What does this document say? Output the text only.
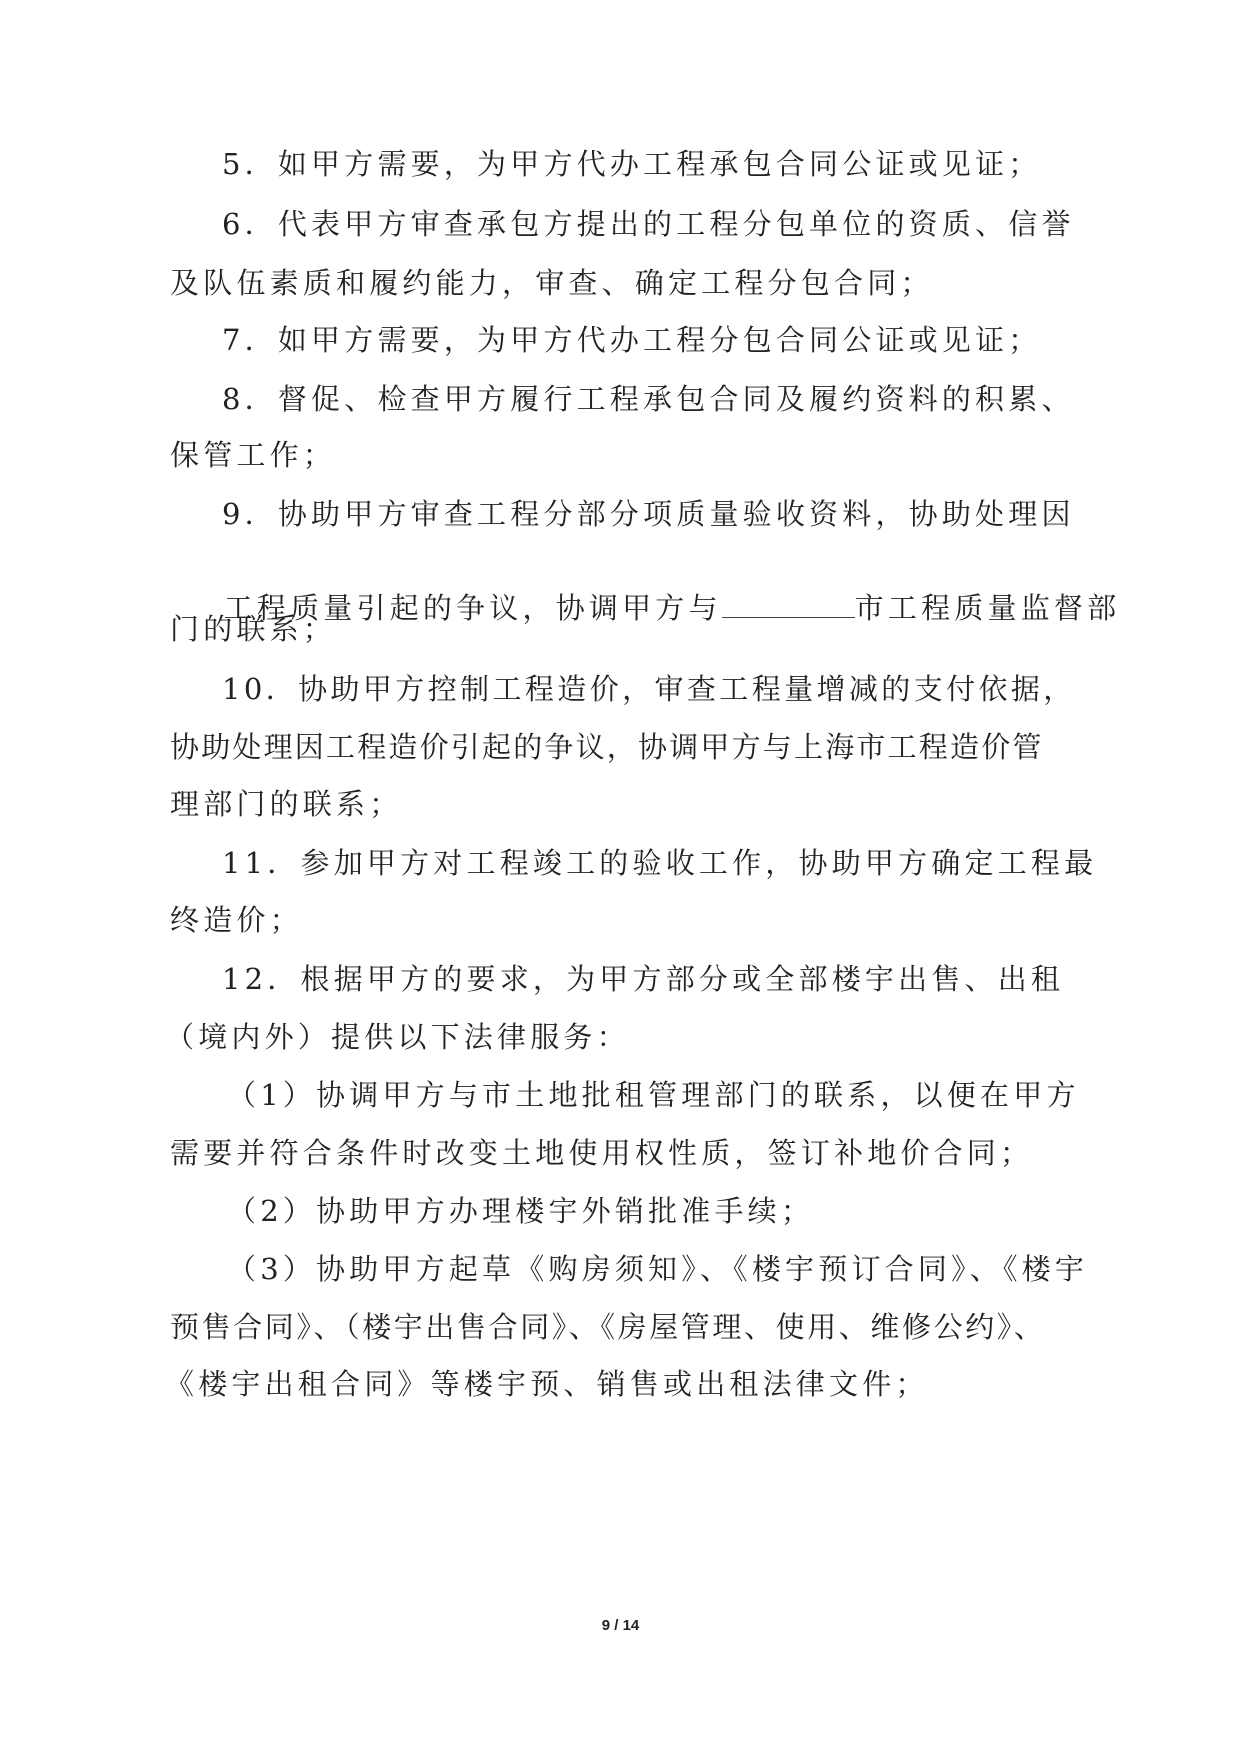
5．如甲方需要，为甲方代办工程承包合同公证或见证；
6．代表甲方审查承包方提出的工程分包单位的资质、信誉
及队伍素质和履约能力，审查、确定工程分包合同；
7．如甲方需要，为甲方代办工程分包合同公证或见证；
8．督促、检查甲方履行工程承包合同及履约资料的积累、
保管工作；
9．协助甲方审查工程分部分项质量验收资料，协助处理因

工程质量引起的争议，协调甲方与	市工程质量监督部

门的联系；
10．协助甲方控制工程造价，审查工程量增减的支付依据，
协助处理因工程造价引起的争议，协调甲方与上海市工程造价管
理部门的联系；
11．参加甲方对工程竣工的验收工作，协助甲方确定工程最
终造价；
12．根据甲方的要求，为甲方部分或全部楼宇出售、出租
（境内外）提供以下法律服务：
（1）协调甲方与市土地批租管理部门的联系，以便在甲方
需要并符合条件时改变土地使用权性质，签订补地价合同；
（2）协助甲方办理楼宇外销批准手续；
（3）协助甲方起草《购房须知》、《楼宇预订合同》、《楼宇
预售合同》、（楼宇出售合同》、《房屋管理、使用、维修公约》、
《楼宇出租合同》等楼宇预、销售或出租法律文件；
9 / 14
